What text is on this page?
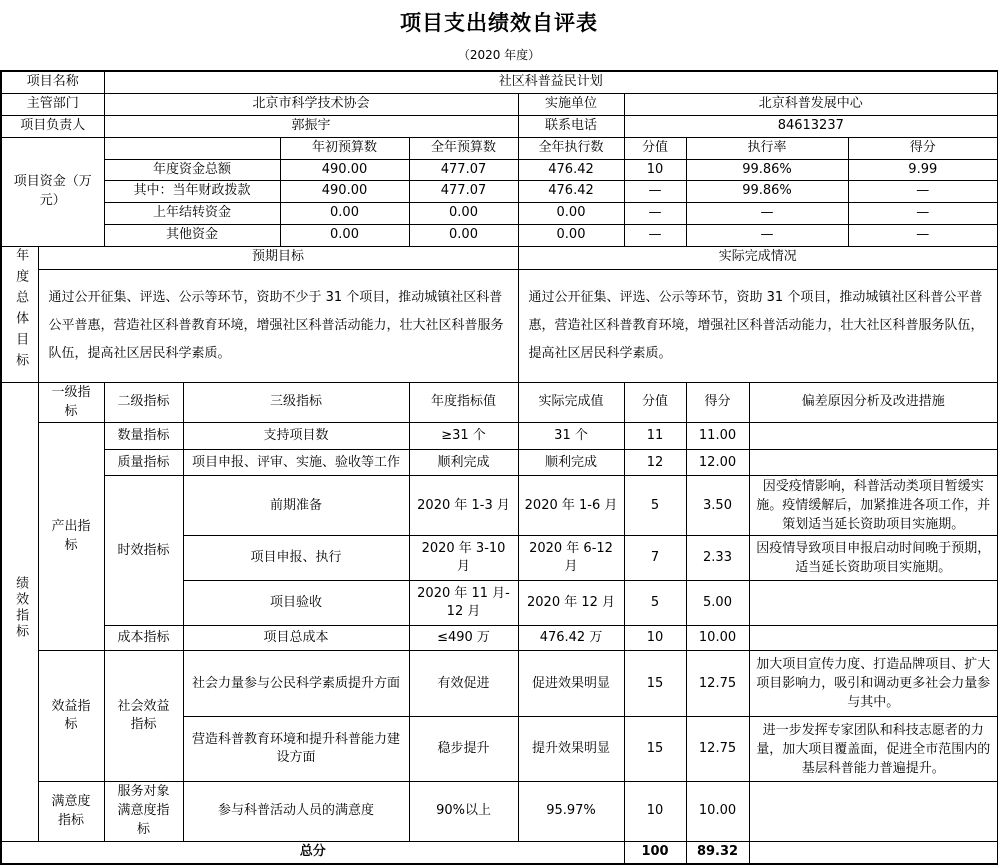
项目支出绩效自评表
（2020 年度）
项目名称		社区科普益民计划								
主管部门		北京市科学技术协会				实施单位	北京科普发展中心			
项目负责人		郭振宇				联系电话	84613237			
项目资金（万元）				年初预算数	全年预算数	全年执行数	分值	执行率		得分
		年度资金总额		490.00	477.07	476.42	10	99.86%		9.99
		其中：当年财政拨款		490.00	477.07	476.42	—	99.86%		—
		上年结转资金		0.00	0.00	0.00	—	—		—
		其他资金		0.00	0.00	0.00	—	—		—
年度总体目标	预期目标					实际完成情况				
	通过公开征集、评选、公示等环节，资助不少于 31 个项目，推动城镇社区科普公平普惠，营造社区科普教育环境，增强社区科普活动能力，壮大社区科普服务队伍，提高社区居民科学素质。					通过公开征集、评选、公示等环节，资助 31 个项目，推动城镇社区科普公平普惠，营造社区科普教育环境，增强社区科普活动能力，壮大社区科普服务队伍，提高社区居民科学素质。				
绩效指标	一级指标	二级指标	三级指标		年度指标值	实际完成值	分值	得分	偏差原因分析及改进措施	
	产出指标	数量指标	支持项目数		≥31 个	31 个	11	11.00		
		质量指标	项目申报、评审、实施、验收等工作		顺利完成	顺利完成	12	12.00		
		时效指标	前期准备		2020 年 1-3 月	2020 年 1-6 月	5	3.50	因受疫情影响，科普活动类项目暂缓实施。疫情缓解后，加紧推进各项工作，并策划适当延长资助项目实施期。	
			项目申报、执行		2020 年 3-10 月	2020 年 6-12 月	7	2.33	因疫情导致项目申报启动时间晚于预期，适当延长资助项目实施期。	
			项目验收		2020 年 11 月-12 月	2020 年 12 月	5	5.00		
		成本指标	项目总成本		≤490 万	476.42 万	10	10.00		
	效益指标	社会效益指标	社会力量参与公民科学素质提升方面		有效促进	促进效果明显	15	12.75	加大项目宣传力度、打造品牌项目、扩大项目影响力，吸引和调动更多社会力量参与其中。	
			营造科普教育环境和提升科普能力建设方面		稳步提升	提升效果明显	15	12.75	进一步发挥专家团队和科技志愿者的力量，加大项目覆盖面，促进全市范围内的基层科普能力普遍提升。	
	满意度指标	服务对象满意度指标	参与科普活动人员的满意度		90%以上	95.97%	10	10.00		
总分							100	89.32		
